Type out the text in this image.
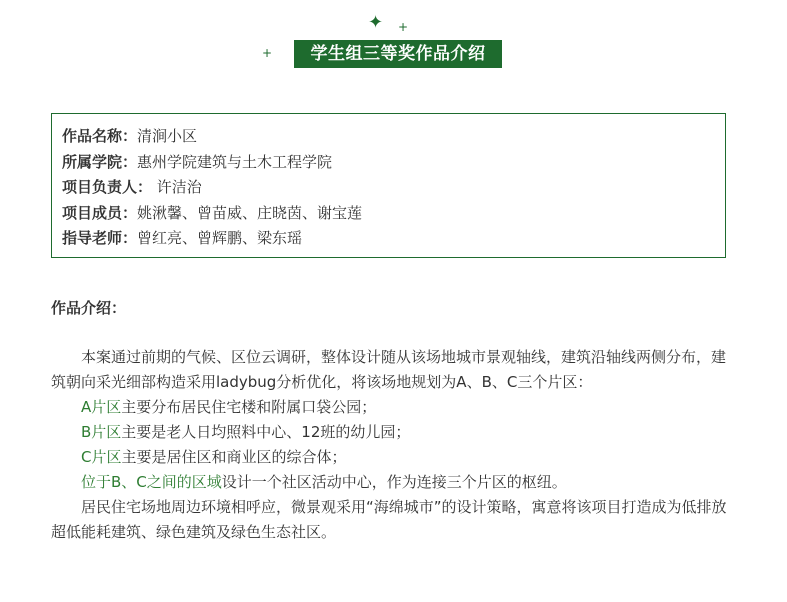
✦ +
+	学生组三等奖作品介绍
作品名称：清涧小区
所属学院：惠州学院建筑与土木工程学院
项目负责人： 许洁治
项目成员：姚湫馨、曾苗威、庄晓茵、谢宝莲
指导老师：曾红亮、曾辉鹏、梁东瑶
作品介绍：

本案通过前期的气候、区位云调研，整体设计随从该场地城市景观轴线，建筑沿轴线两侧分布，建筑朝向采光细部构造采用ladybug分析优化，将该场地规划为A、B、C三个片区：

A片区主要分布居民住宅楼和附属口袋公园；

B片区主要是老人日均照料中心、12班的幼儿园；

C片区主要是居住区和商业区的综合体；

位于B、C之间的区域设计一个社区活动中心，作为连接三个片区的枢纽。

居民住宅场地周边环境相呼应，微景观采用“海绵城市”的设计策略，寓意将该项目打造成为低排放超低能耗建筑、绿色建筑及绿色生态社区。
